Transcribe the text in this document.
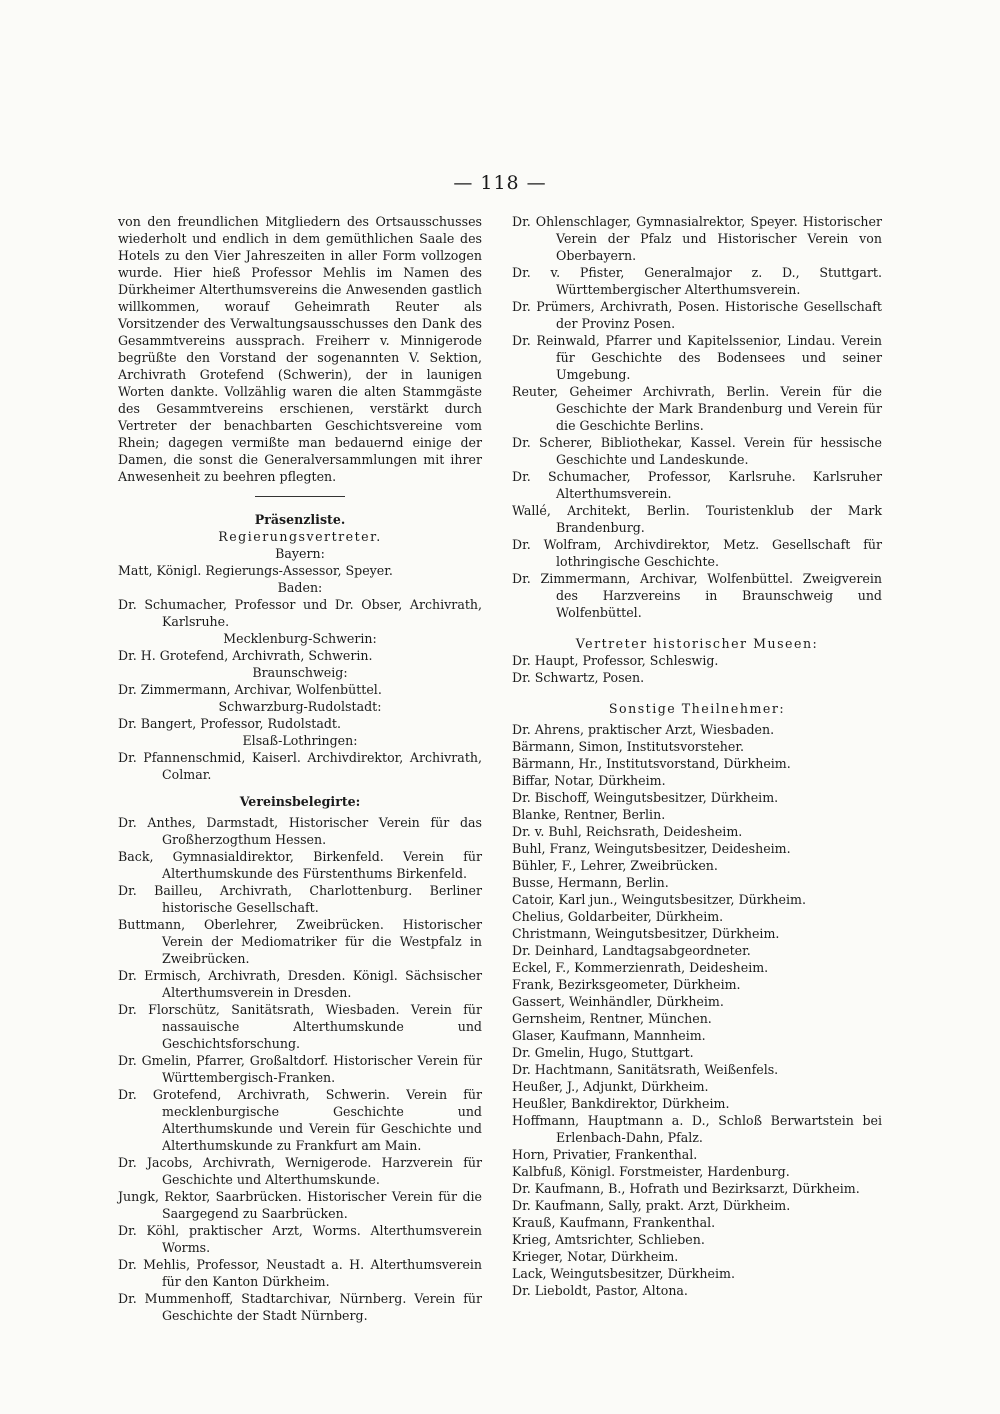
— 118 —

von den freundlichen Mitgliedern des Ortsausschusses wiederholt und endlich in dem gemüthlichen Saale des Hotels zu den Vier Jahreszeiten in aller Form vollzogen wurde. Hier hieß Professor Mehlis im Namen des Dürkheimer Alterthumsvereins die Anwesenden gastlich willkommen, worauf Geheimrath Reuter als Vorsitzender des Verwaltungsausschusses den Dank des Gesammtvereins aussprach. Freiherr v. Minnigerode begrüßte den Vorstand der sogenannten V. Sektion, Archivrath Grotefend (Schwerin), der in launigen Worten dankte. Vollzählig waren die alten Stammgäste des Gesammtvereins erschienen, verstärkt durch Vertreter der benachbarten Geschichtsvereine vom Rhein; dagegen vermißte man bedauernd einige der Damen, die sonst die Generalversammlungen mit ihrer Anwesenheit zu beehren pflegten.

Präsenzliste.

Regierungsvertreter.

Bayern:

Matt, Königl. Regierungs-Assessor, Speyer.

Baden:

Dr. Schumacher, Professor und Dr. Obser, Archivrath, Karlsruhe.

Mecklenburg-Schwerin:

Dr. H. Grotefend, Archivrath, Schwerin.

Braunschweig:

Dr. Zimmermann, Archivar, Wolfenbüttel.

Schwarzburg-Rudolstadt:

Dr. Bangert, Professor, Rudolstadt.

Elsaß-Lothringen:

Dr. Pfannenschmid, Kaiserl. Archivdirektor, Archivrath, Colmar.

Vereinsbelegirte:

Dr. Anthes, Darmstadt, Historischer Verein für das Großherzogthum Hessen.

Back, Gymnasialdirektor, Birkenfeld. Verein für Alterthumskunde des Fürstenthums Birkenfeld.

Dr. Bailleu, Archivrath, Charlottenburg. Berliner historische Gesellschaft.

Buttmann, Oberlehrer, Zweibrücken. Historischer Verein der Mediomatriker für die Westpfalz in Zweibrücken.

Dr. Ermisch, Archivrath, Dresden. Königl. Sächsischer Alterthumsverein in Dresden.

Dr. Florschütz, Sanitätsrath, Wiesbaden. Verein für nassauische Alterthumskunde und Geschichtsforschung.

Dr. Gmelin, Pfarrer, Großaltdorf. Historischer Verein für Württembergisch-Franken.

Dr. Grotefend, Archivrath, Schwerin. Verein für mecklenburgische Geschichte und Alterthumskunde und Verein für Geschichte und Alterthumskunde zu Frankfurt am Main.

Dr. Jacobs, Archivrath, Wernigerode. Harzverein für Geschichte und Alterthumskunde.

Jungk, Rektor, Saarbrücken. Historischer Verein für die Saargegend zu Saarbrücken.

Dr. Köhl, praktischer Arzt, Worms. Alterthumsverein Worms.

Dr. Mehlis, Professor, Neustadt a. H. Alterthumsverein für den Kanton Dürkheim.

Dr. Mummenhoff, Stadtarchivar, Nürnberg. Verein für Geschichte der Stadt Nürnberg.

Dr. Ohlenschlager, Gymnasialrektor, Speyer. Historischer Verein der Pfalz und Historischer Verein von Oberbayern.

Dr. v. Pfister, Generalmajor z. D., Stuttgart. Württembergischer Alterthumsverein.

Dr. Prümers, Archivrath, Posen. Historische Gesellschaft der Provinz Posen.

Dr. Reinwald, Pfarrer und Kapitelssenior, Lindau. Verein für Geschichte des Bodensees und seiner Umgebung.

Reuter, Geheimer Archivrath, Berlin. Verein für die Geschichte der Mark Brandenburg und Verein für die Geschichte Berlins.

Dr. Scherer, Bibliothekar, Kassel. Verein für hessische Geschichte und Landeskunde.

Dr. Schumacher, Professor, Karlsruhe. Karlsruher Alterthumsverein.

Wallé, Architekt, Berlin. Touristenklub der Mark Brandenburg.

Dr. Wolfram, Archivdirektor, Metz. Gesellschaft für lothringische Geschichte.

Dr. Zimmermann, Archivar, Wolfenbüttel. Zweigverein des Harzvereins in Braunschweig und Wolfenbüttel.

Vertreter historischer Museen:

Dr. Haupt, Professor, Schleswig.

Dr. Schwartz, Posen.

Sonstige Theilnehmer:

Dr. Ahrens, praktischer Arzt, Wiesbaden.

Bärmann, Simon, Institutsvorsteher.

Bärmann, Hr., Institutsvorstand, Dürkheim.

Biffar, Notar, Dürkheim.

Dr. Bischoff, Weingutsbesitzer, Dürkheim.

Blanke, Rentner, Berlin.

Dr. v. Buhl, Reichsrath, Deidesheim.

Buhl, Franz, Weingutsbesitzer, Deidesheim.

Bühler, F., Lehrer, Zweibrücken.

Busse, Hermann, Berlin.

Catoir, Karl jun., Weingutsbesitzer, Dürkheim.

Chelius, Goldarbeiter, Dürkheim.

Christmann, Weingutsbesitzer, Dürkheim.

Dr. Deinhard, Landtagsabgeordneter.

Eckel, F., Kommerzienrath, Deidesheim.

Frank, Bezirksgeometer, Dürkheim.

Gassert, Weinhändler, Dürkheim.

Gernsheim, Rentner, München.

Glaser, Kaufmann, Mannheim.

Dr. Gmelin, Hugo, Stuttgart.

Dr. Hachtmann, Sanitätsrath, Weißenfels.

Heußer, J., Adjunkt, Dürkheim.

Heußler, Bankdirektor, Dürkheim.

Hoffmann, Hauptmann a. D., Schloß Berwartstein bei Erlenbach-Dahn, Pfalz.

Horn, Privatier, Frankenthal.

Kalbfuß, Königl. Forstmeister, Hardenburg.

Dr. Kaufmann, B., Hofrath und Bezirksarzt, Dürkheim.

Dr. Kaufmann, Sally, prakt. Arzt, Dürkheim.

Krauß, Kaufmann, Frankenthal.

Krieg, Amtsrichter, Schlieben.

Krieger, Notar, Dürkheim.

Lack, Weingutsbesitzer, Dürkheim.

Dr. Lieboldt, Pastor, Altona.
